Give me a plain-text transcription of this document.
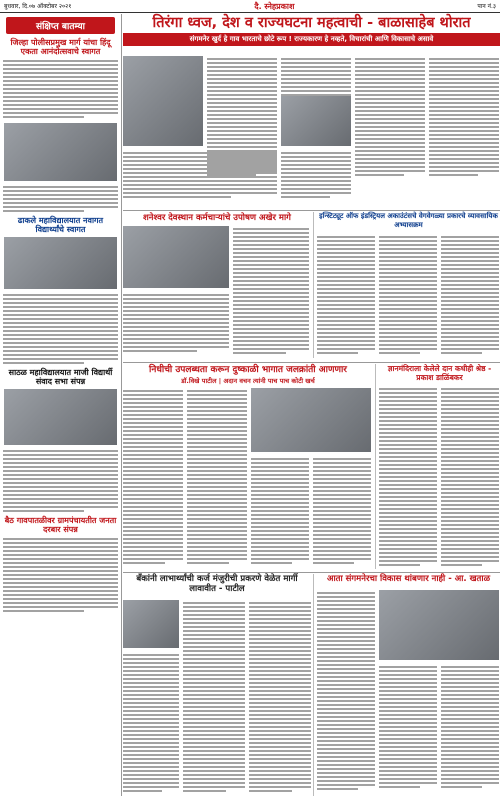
बुधवार, दि.०७ ऑक्टोबर २०२१	दै. स्नेहप्रकाश	पान नं.३
संक्षिप्त बातम्या
जिल्हा पोलीसप्रमुख मार्ग यांचा हिंदू एकता आनंदोत्सवाचे स्वागत
ढाकले महाविद्यालयात नवागत विद्यार्थ्यांचे स्वागत
साठळ महाविद्यालयात माजी विद्यार्थी संवाद सभा संपन्न
बैठ गावपातळीवर ग्रामपंचायतीत जनता दरबार संपन्न
तिरंगा ध्वज, देश व राज्यघटना महत्वाची - बाळासाहेब थोरात
संगमनेर खुर्द हे गाव भारताचे छोटे रूप ! राज्यकारण हे नव्हते, विचारांची आणि विकासाचे असावे
शनेश्वर देवस्थान कर्मचाऱ्यांचे उपोषण अखेर मागे	इन्स्टिट्यूट ऑफ इंडस्ट्रियल अकाउंटंसचे वेगवेगळ्या प्रकारचे व्यावसायिक अभ्यासक्रम
निधीची उपलब्धता करून दुष्काळी भागात जलक्रांती आणणार
डॉ.विखे पाटील | अदान वचन त्यांनी पाच पाच कोटी खर्च
ज्ञानमंदिराला केलेले दान कधीही श्रेष्ठ - प्रकाश डाळिंबकर
बँकांनी लाभार्थ्यांची कर्ज मंजुरीची प्रकरणे वेळेत मार्गी लावावीत - पाटील
आता संगमनेरचा विकास थांबणार नाही - आ. खताळ
